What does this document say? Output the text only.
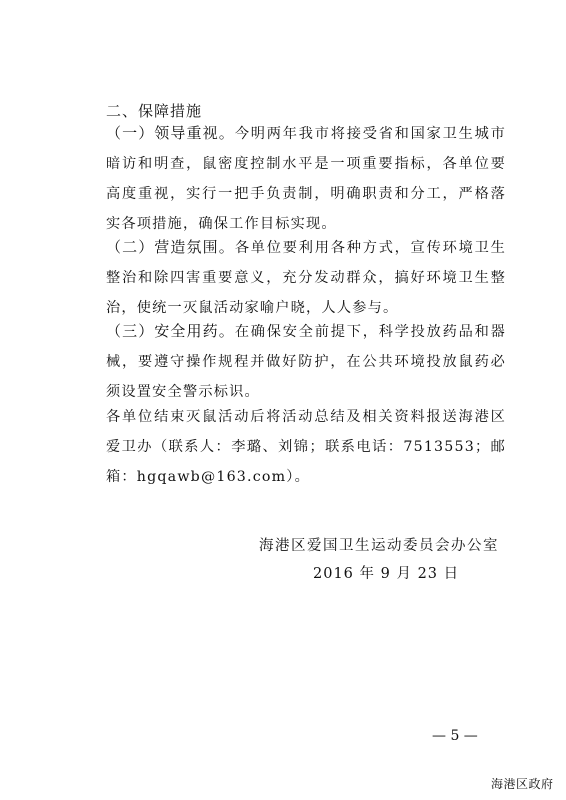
二、保障措施
（一）领导重视。今明两年我市将接受省和国家卫生城市暗访和明查，鼠密度控制水平是一项重要指标，各单位要高度重视，实行一把手负责制，明确职责和分工，严格落实各项措施，确保工作目标实现。
（二）营造氛围。各单位要利用各种方式，宣传环境卫生整治和除四害重要意义，充分发动群众，搞好环境卫生整治，使统一灭鼠活动家喻户晓，人人参与。
（三）安全用药。在确保安全前提下，科学投放药品和器械，要遵守操作规程并做好防护，在公共环境投放鼠药必须设置安全警示标识。
各单位结束灭鼠活动后将活动总结及相关资料报送海港区爱卫办（联系人：李璐、刘锦；联系电话：7513553；邮箱：hgqawb@163.com）。
海港区爱国卫生运动委员会办公室
2016 年 9 月 23 日
— 5 —
海港区政府
